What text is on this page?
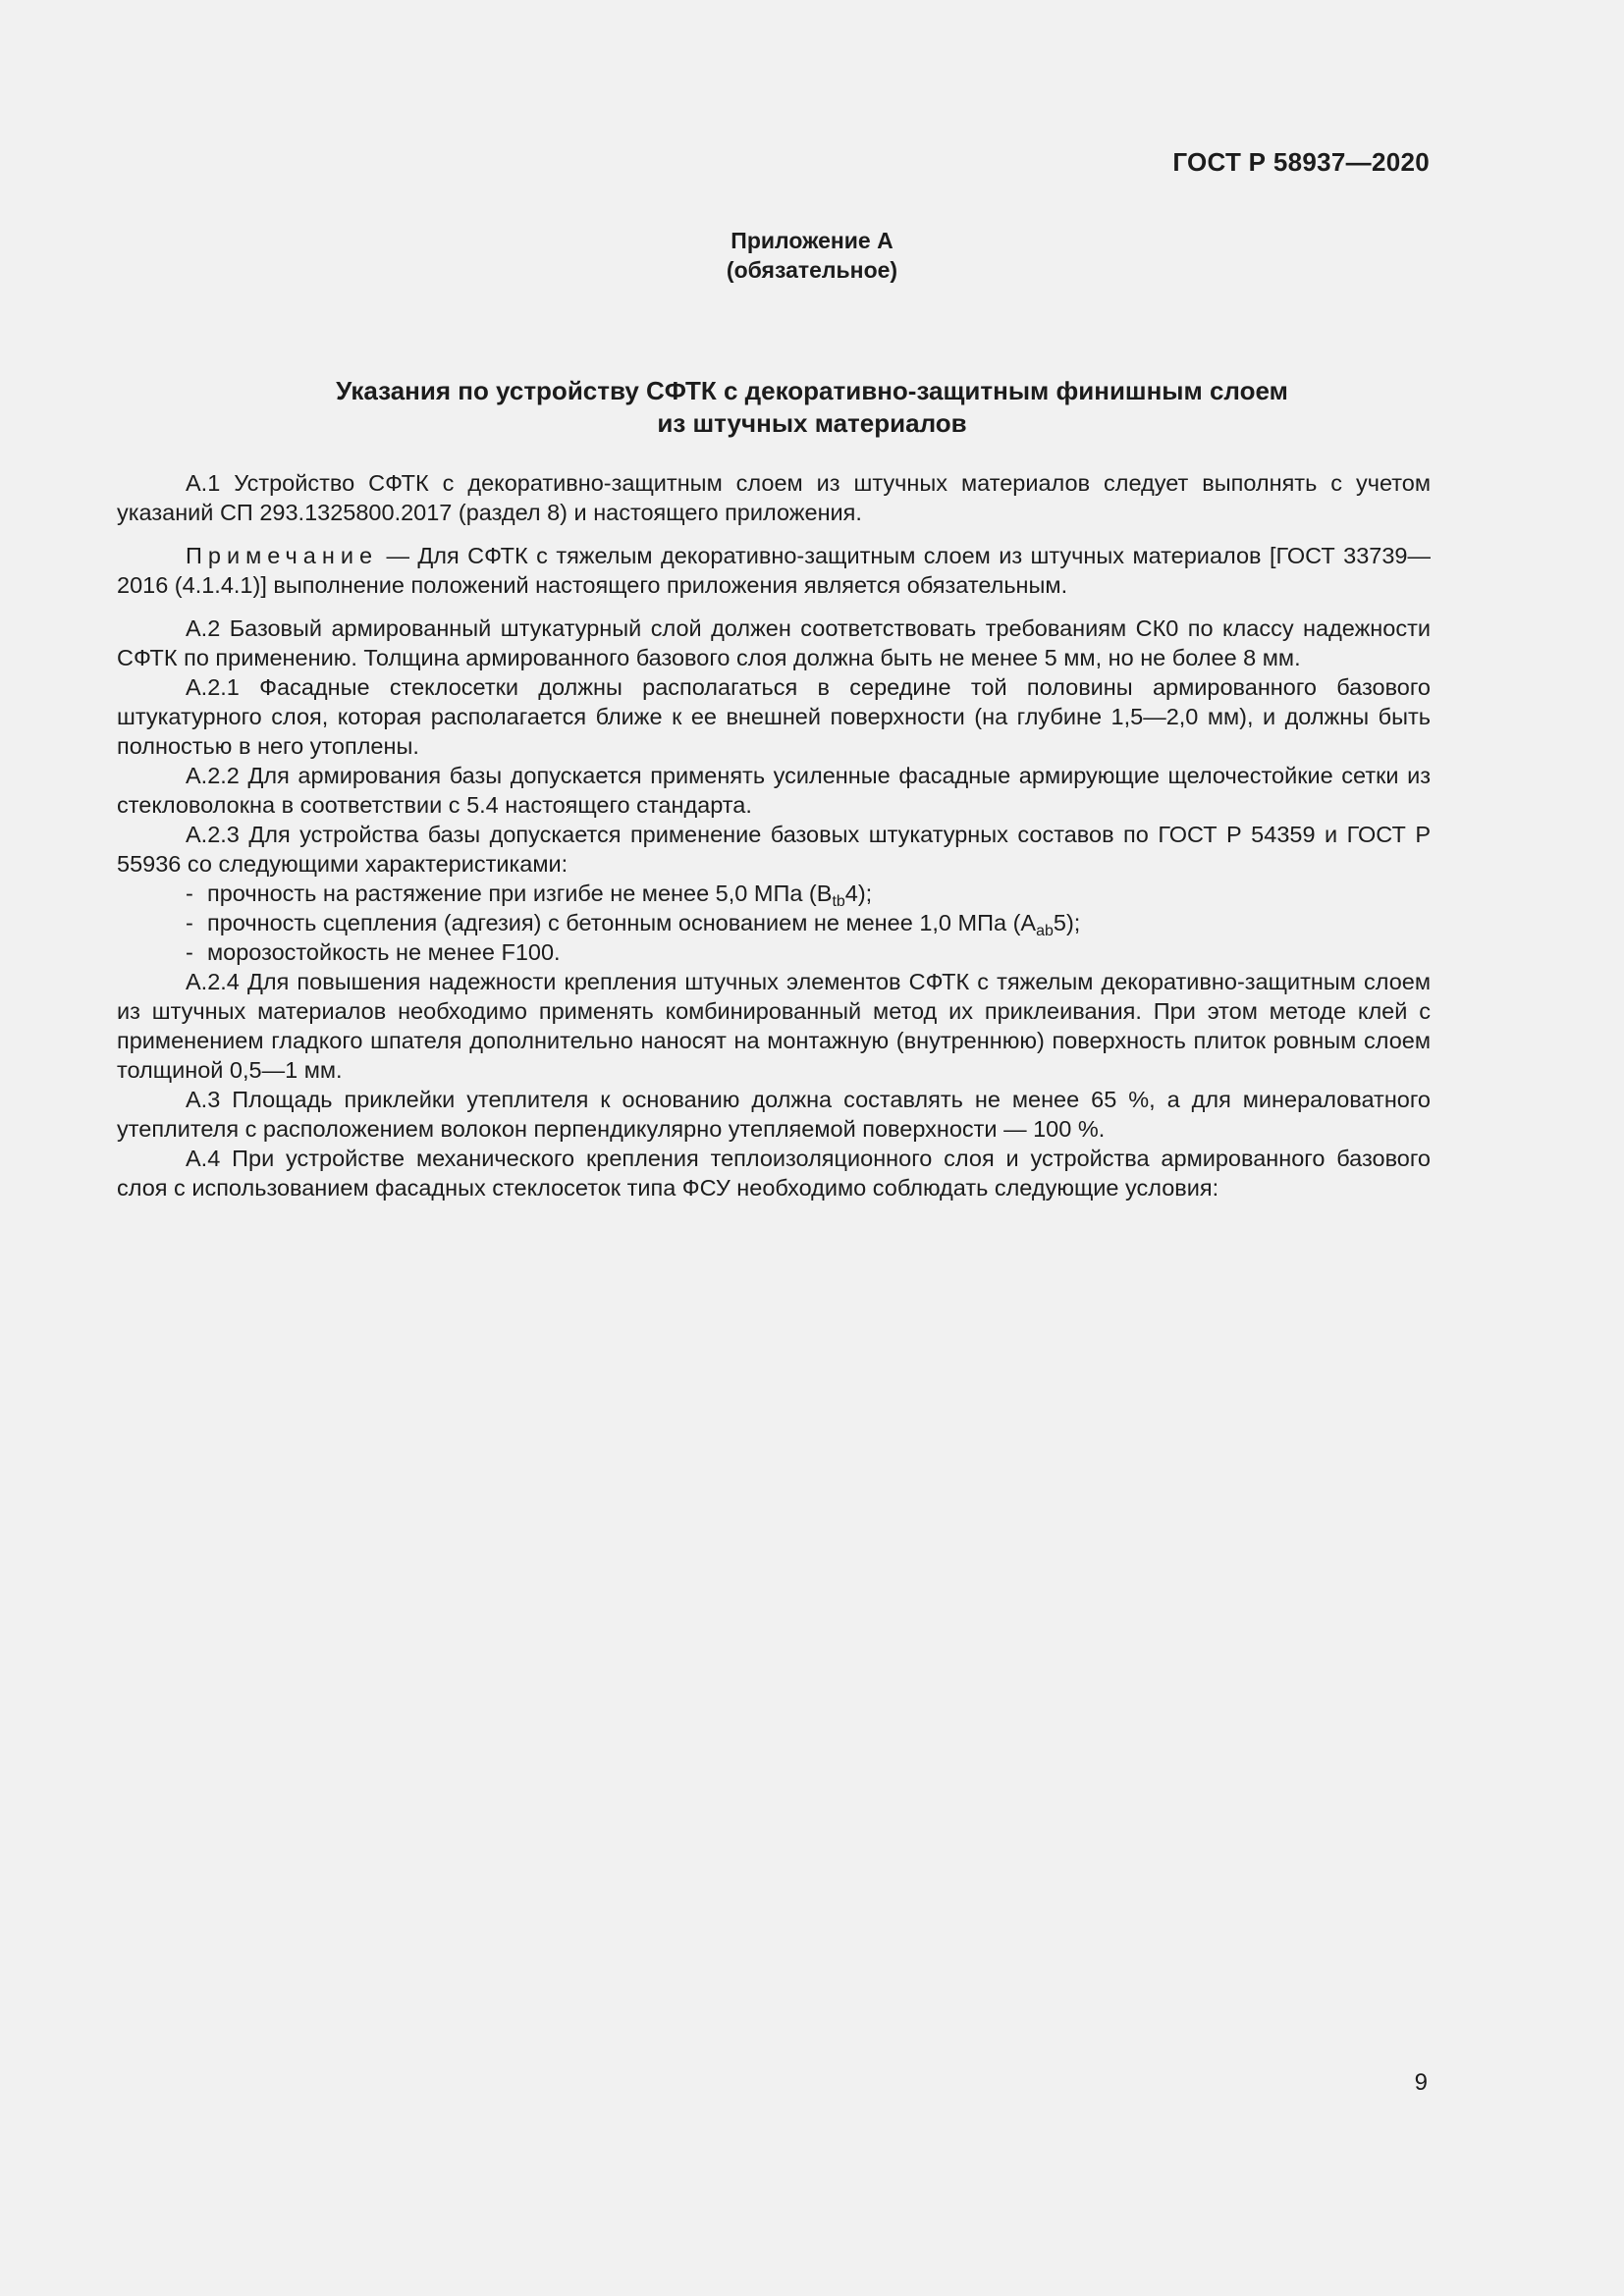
ГОСТ Р 58937—2020
Приложение А
(обязательное)
Указания по устройству СФТК с декоративно-защитным финишным слоем
из штучных материалов

А.1 Устройство СФТК с декоративно-защитным слоем из штучных материалов следует выполнять с учетом указаний СП 293.1325800.2017 (раздел 8) и настоящего приложения.

Примечание — Для СФТК с тяжелым декоративно-защитным слоем из штучных материалов [ГОСТ 33739—2016 (4.1.4.1)] выполнение положений настоящего приложения является обязательным.

А.2 Базовый армированный штукатурный слой должен соответствовать требованиям СК0 по классу надежности СФТК по применению. Толщина армированного базового слоя должна быть не менее 5 мм, но не более 8 мм.

А.2.1 Фасадные стеклосетки должны располагаться в середине той половины армированного базового штукатурного слоя, которая располагается ближе к ее внешней поверхности (на глубине 1,5—2,0 мм), и должны быть полностью в него утоплены.

А.2.2 Для армирования базы допускается применять усиленные фасадные армирующие щелочестойкие сетки из стекловолокна в соответствии с 5.4 настоящего стандарта.

А.2.3 Для устройства базы допускается применение базовых штукатурных составов по ГОСТ Р 54359 и ГОСТ Р 55936 со следующими характеристиками:

- прочность на растяжение при изгибе не менее 5,0 МПа $(B_{tb}4)$;

- прочность сцепления (адгезия) с бетонным основанием не менее 1,0 МПа $(A_{ab}5)$;

- морозостойкость не менее F100.

А.2.4 Для повышения надежности крепления штучных элементов СФТК с тяжелым декоративно-защитным слоем из штучных материалов необходимо применять комбинированный метод их приклеивания. При этом методе клей с применением гладкого шпателя дополнительно наносят на монтажную (внутреннюю) поверхность плиток ровным слоем толщиной 0,5—1 мм.

А.3 Площадь приклейки утеплителя к основанию должна составлять не менее 65 %, а для минераловатного утеплителя с расположением волокон перпендикулярно утепляемой поверхности — 100 %.

А.4 При устройстве механического крепления теплоизоляционного слоя и устройства армированного базового слоя с использованием фасадных стеклосеток типа ФСУ необходимо соблюдать следующие условия:

9
